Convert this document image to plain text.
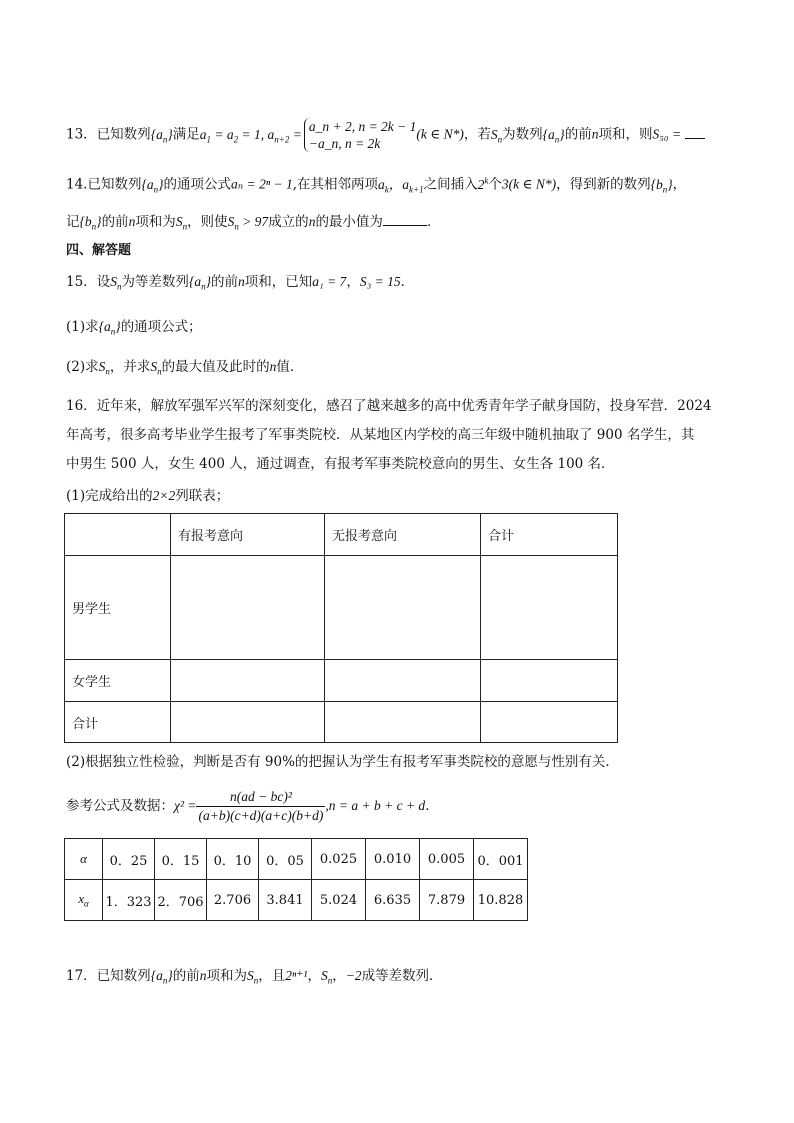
13．已知数列$\{a_n\}$满足$a_1 = a_2 = 1$, $a_{n+2}$ = a_n + 2, n = 2k − 1
−a_n, n = 2k
(k ∈ N*)，若$S_n$为数列$\{a_n\}$的前n项和，则S₅₀ =
14.已知数列$\{a_n\}$的通项公式aₙ = 2ⁿ − 1,在其相邻两项$a_k$，$a_{k+1}$之间插入2$^k$个3(k ∈ N*)，得到新的数列$\{b_n\}$，
记$\{b_n\}$的前n项和为$S_n$，则使$S_n > 97$成立的n的最小值为	．
四、解答题
15．设$S_n$为等差数列$\{a_n\}$的前n项和，已知a₁ = 7，S₃ = 15．
(1)求$\{a_n\}$的通项公式；
(2)求$S_n$，并求$S_n$的最大值及此时的n值．
16．近年来，解放军强军兴军的深刻变化，感召了越来越多的高中优秀青年学子献身国防，投身军营．2024
年高考，很多高考毕业学生报考了军事类院校．从某地区内学校的高三年级中随机抽取了 900 名学生，其
中男生 500 人，女生 400 人，通过调查，有报考军事类院校意向的男生、女生各 100 名．
(1)完成给出的2×2列联表；
	有报考意向	无报考意向	合计
男学生			
女学生			
合计			
(2)根据独立性检验，判断是否有 90%的把握认为学生有报考军事类院校的意愿与性别有关．
参考公式及数据：$\chi^2 = \frac{\text{n(ad − bc)²}}{(a+b)(c+d)(a+c)(b+d)} ,n = a + b + c + d$．
α	0．25	0．15	0．10	0．05	0.025	0.010	0.005	0．001
$x_\alpha$	1．323	2．706	2.706	3.841	5.024	6.635	7.879	10.828
17．已知数列$\{a_n\}$的前n项和为$S_n$，且2ⁿ⁺¹，$S_n$，−2成等差数列．
